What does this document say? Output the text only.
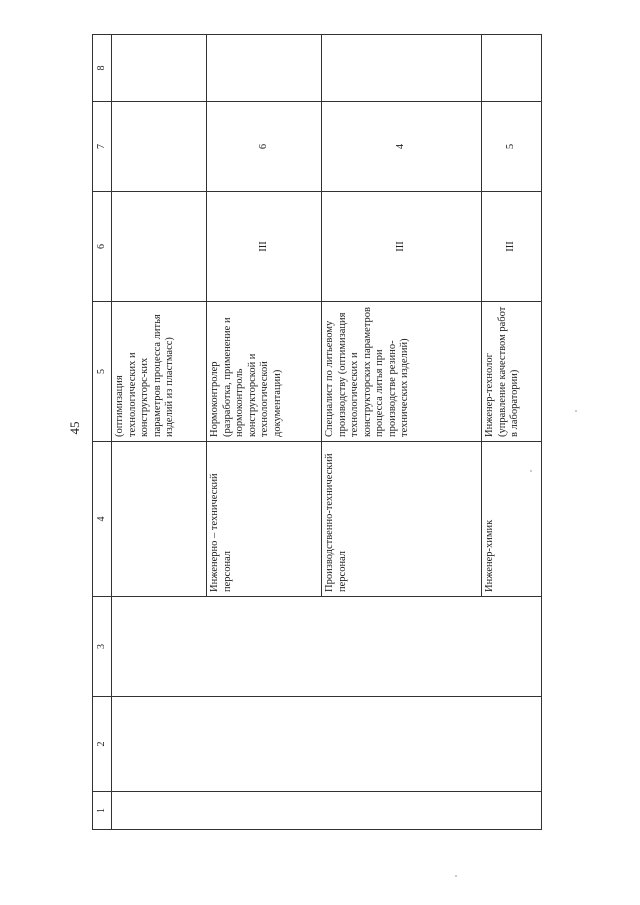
45
1	2	3	4	5	6	7	8
				(оптимизация технологических и конструкторс-ких параметров процесса литья изделий из пластмасс)			
			Инженерно – технический персонал	Нормоконтролер (разработка, применение и нормоконтроль конструкторской и технологической документации)	III	6	
			Производственно-технический персонал	Специалист по литьевому производству (оптимизация технологических и конструкторских параметров процесса литья при производстве резино-технических изделий)	III	4	
			Инженер-химик	Инженер-технолог (управление качеством работ в лаборатории)	III	5	
